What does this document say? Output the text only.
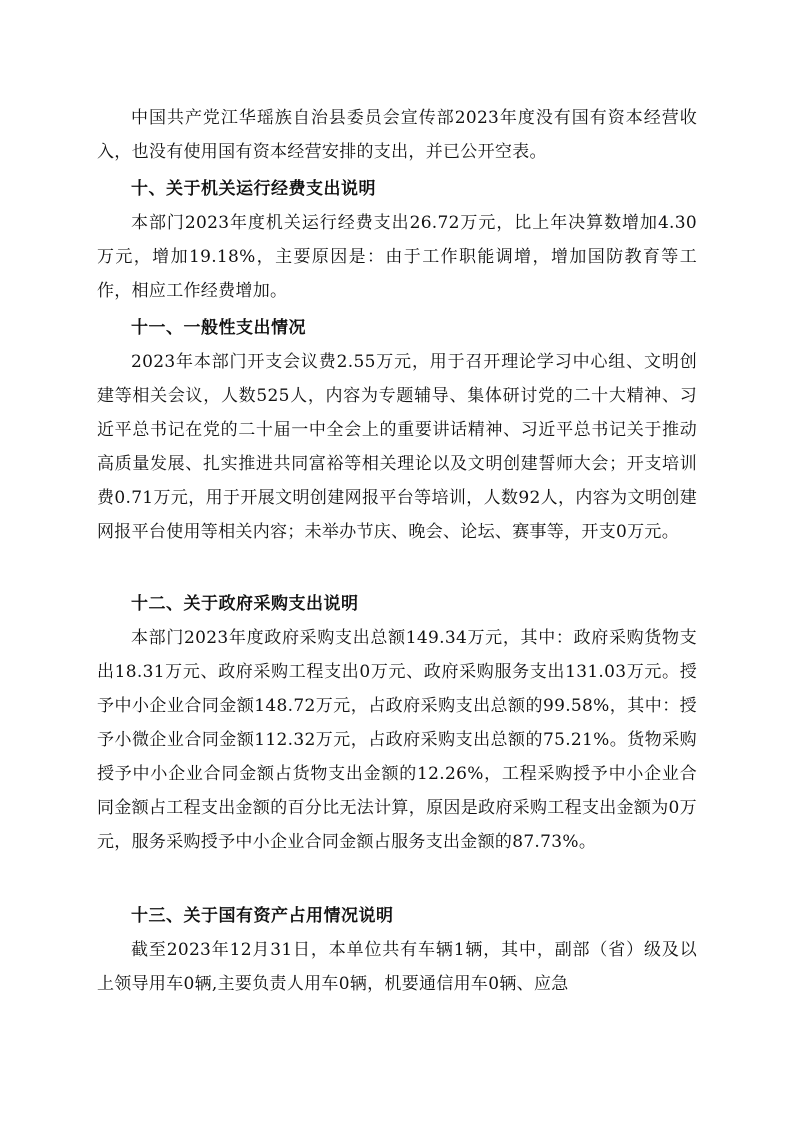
中国共产党江华瑶族自治县委员会宣传部2023年度没有国有资本经营收入，也没有使用国有资本经营安排的支出，并已公开空表。

十、关于机关运行经费支出说明

本部门2023年度机关运行经费支出26.72万元，比上年决算数增加4.30万元，增加19.18%，主要原因是：由于工作职能调增，增加国防教育等工作，相应工作经费增加。

十一、一般性支出情况

2023年本部门开支会议费2.55万元，用于召开理论学习中心组、文明创建等相关会议，人数525人，内容为专题辅导、集体研讨党的二十大精神、习近平总书记在党的二十届一中全会上的重要讲话精神、习近平总书记关于推动高质量发展、扎实推进共同富裕等相关理论以及文明创建誓师大会；开支培训费0.71万元，用于开展文明创建网报平台等培训，人数92人，内容为文明创建网报平台使用等相关内容；未举办节庆、晚会、论坛、赛事等，开支0万元。

十二、关于政府采购支出说明

本部门2023年度政府采购支出总额149.34万元，其中：政府采购货物支出18.31万元、政府采购工程支出0万元、政府采购服务支出131.03万元。授予中小企业合同金额148.72万元，占政府采购支出总额的99.58%，其中：授予小微企业合同金额112.32万元，占政府采购支出总额的75.21%。货物采购授予中小企业合同金额占货物支出金额的12.26%，工程采购授予中小企业合同金额占工程支出金额的百分比无法计算，原因是政府采购工程支出金额为0万元，服务采购授予中小企业合同金额占服务支出金额的87.73%。

十三、关于国有资产占用情况说明

截至2023年12月31日，本单位共有车辆1辆，其中，副部（省）级及以上领导用车0辆,主要负责人用车0辆，机要通信用车0辆、应急
